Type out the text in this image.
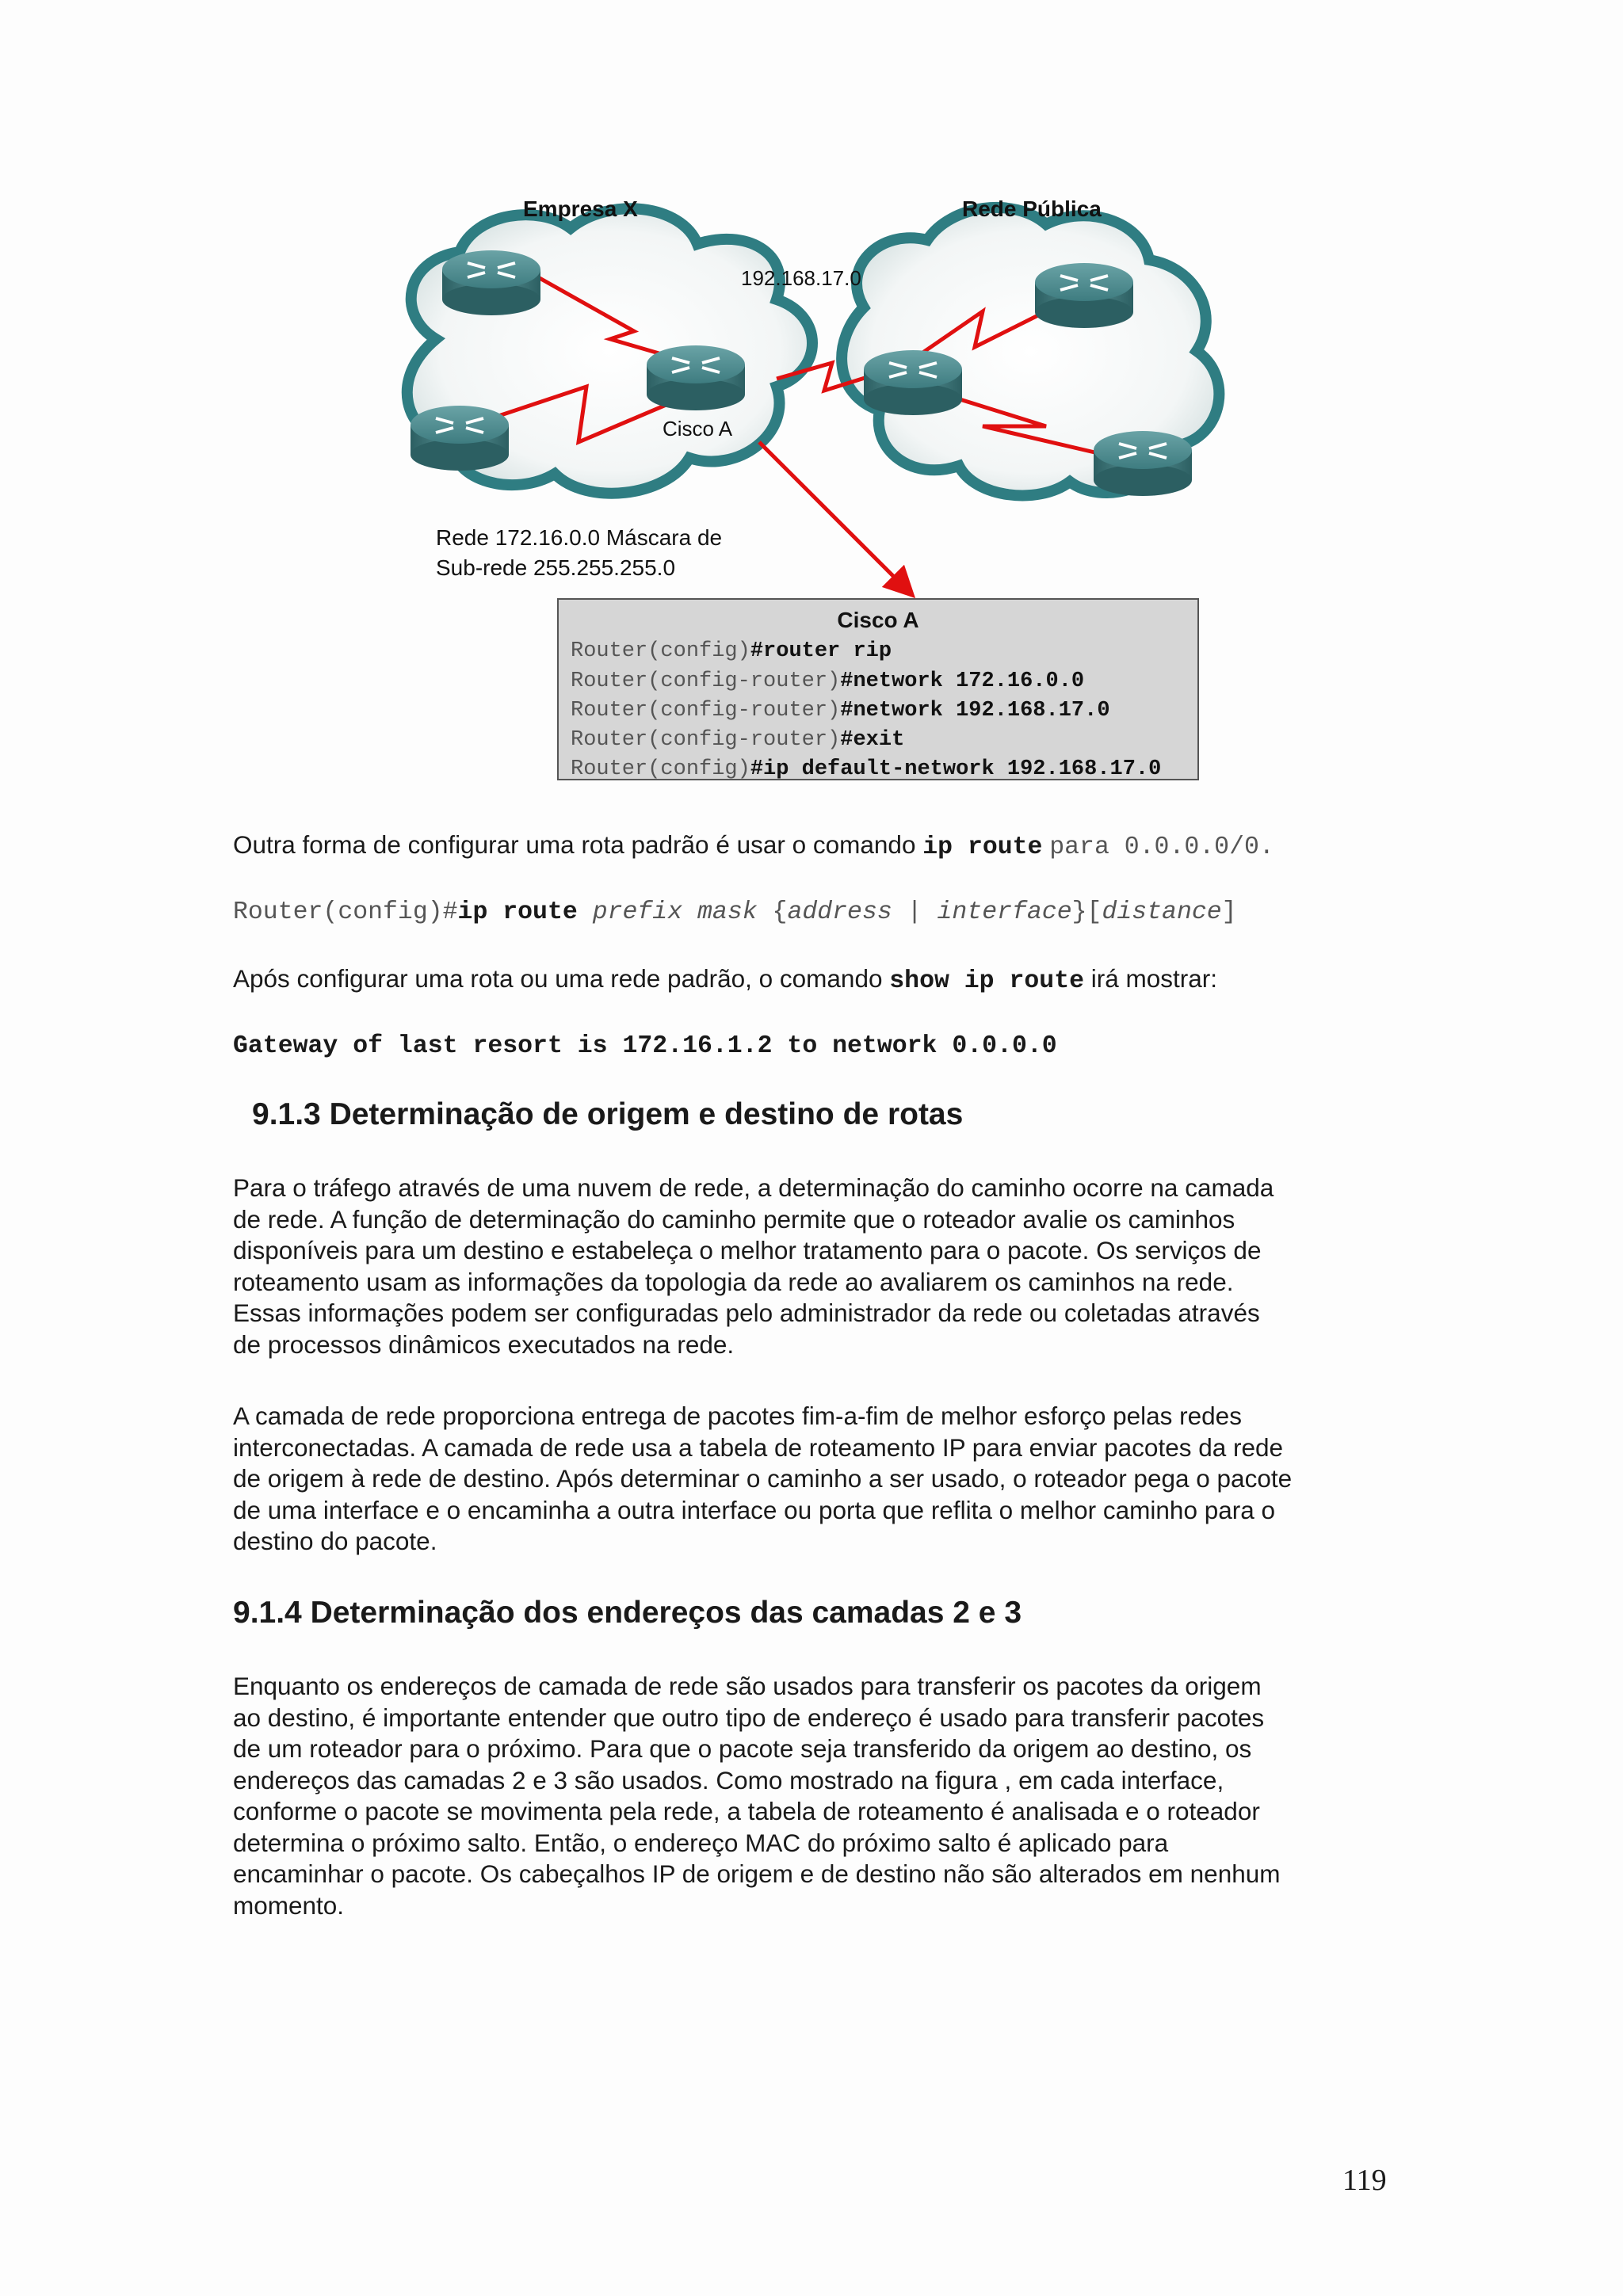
Empresa X	Rede Pública
192.168.17.0
Cisco A
Rede 172.16.0.0 Máscara de
Sub-rede 255.255.255.0
Cisco A
Router(config)#router rip
Router(config-router)#network 172.16.0.0
Router(config-router)#network 192.168.17.0
Router(config-router)#exit
Router(config)#ip default-network 192.168.17.0
Outra forma de configurar uma rota padrão é usar o comando ip route para 0.0.0.0/0.
Router(config)#ip route prefix mask {address | interface}[distance]
Após configurar uma rota ou uma rede padrão, o comando show ip route irá mostrar:
Gateway of last resort is 172.16.1.2 to network 0.0.0.0
9.1.3 Determinação de origem e destino de rotas
Para o tráfego através de uma nuvem de rede, a determinação do caminho ocorre na camada
de rede. A função de determinação do caminho permite que o roteador avalie os caminhos
disponíveis para um destino e estabeleça o melhor tratamento para o pacote. Os serviços de
roteamento usam as informações da topologia da rede ao avaliarem os caminhos na rede.
Essas informações podem ser configuradas pelo administrador da rede ou coletadas através
de processos dinâmicos executados na rede.
A camada de rede proporciona entrega de pacotes fim-a-fim de melhor esforço pelas redes
interconectadas. A camada de rede usa a tabela de roteamento IP para enviar pacotes da rede
de origem à rede de destino. Após determinar o caminho a ser usado, o roteador pega o pacote
de uma interface e o encaminha a outra interface ou porta que reflita o melhor caminho para o
destino do pacote.
9.1.4 Determinação dos endereços das camadas 2 e 3
Enquanto os endereços de camada de rede são usados para transferir os pacotes da origem
ao destino, é importante entender que outro tipo de endereço é usado para transferir pacotes
de um roteador para o próximo. Para que o pacote seja transferido da origem ao destino, os
endereços das camadas 2 e 3 são usados. Como mostrado na figura , em cada interface,
conforme o pacote se movimenta pela rede, a tabela de roteamento é analisada e o roteador
determina o próximo salto. Então, o endereço MAC do próximo salto é aplicado para
encaminhar o pacote. Os cabeçalhos IP de origem e de destino não são alterados em nenhum
momento.
119
